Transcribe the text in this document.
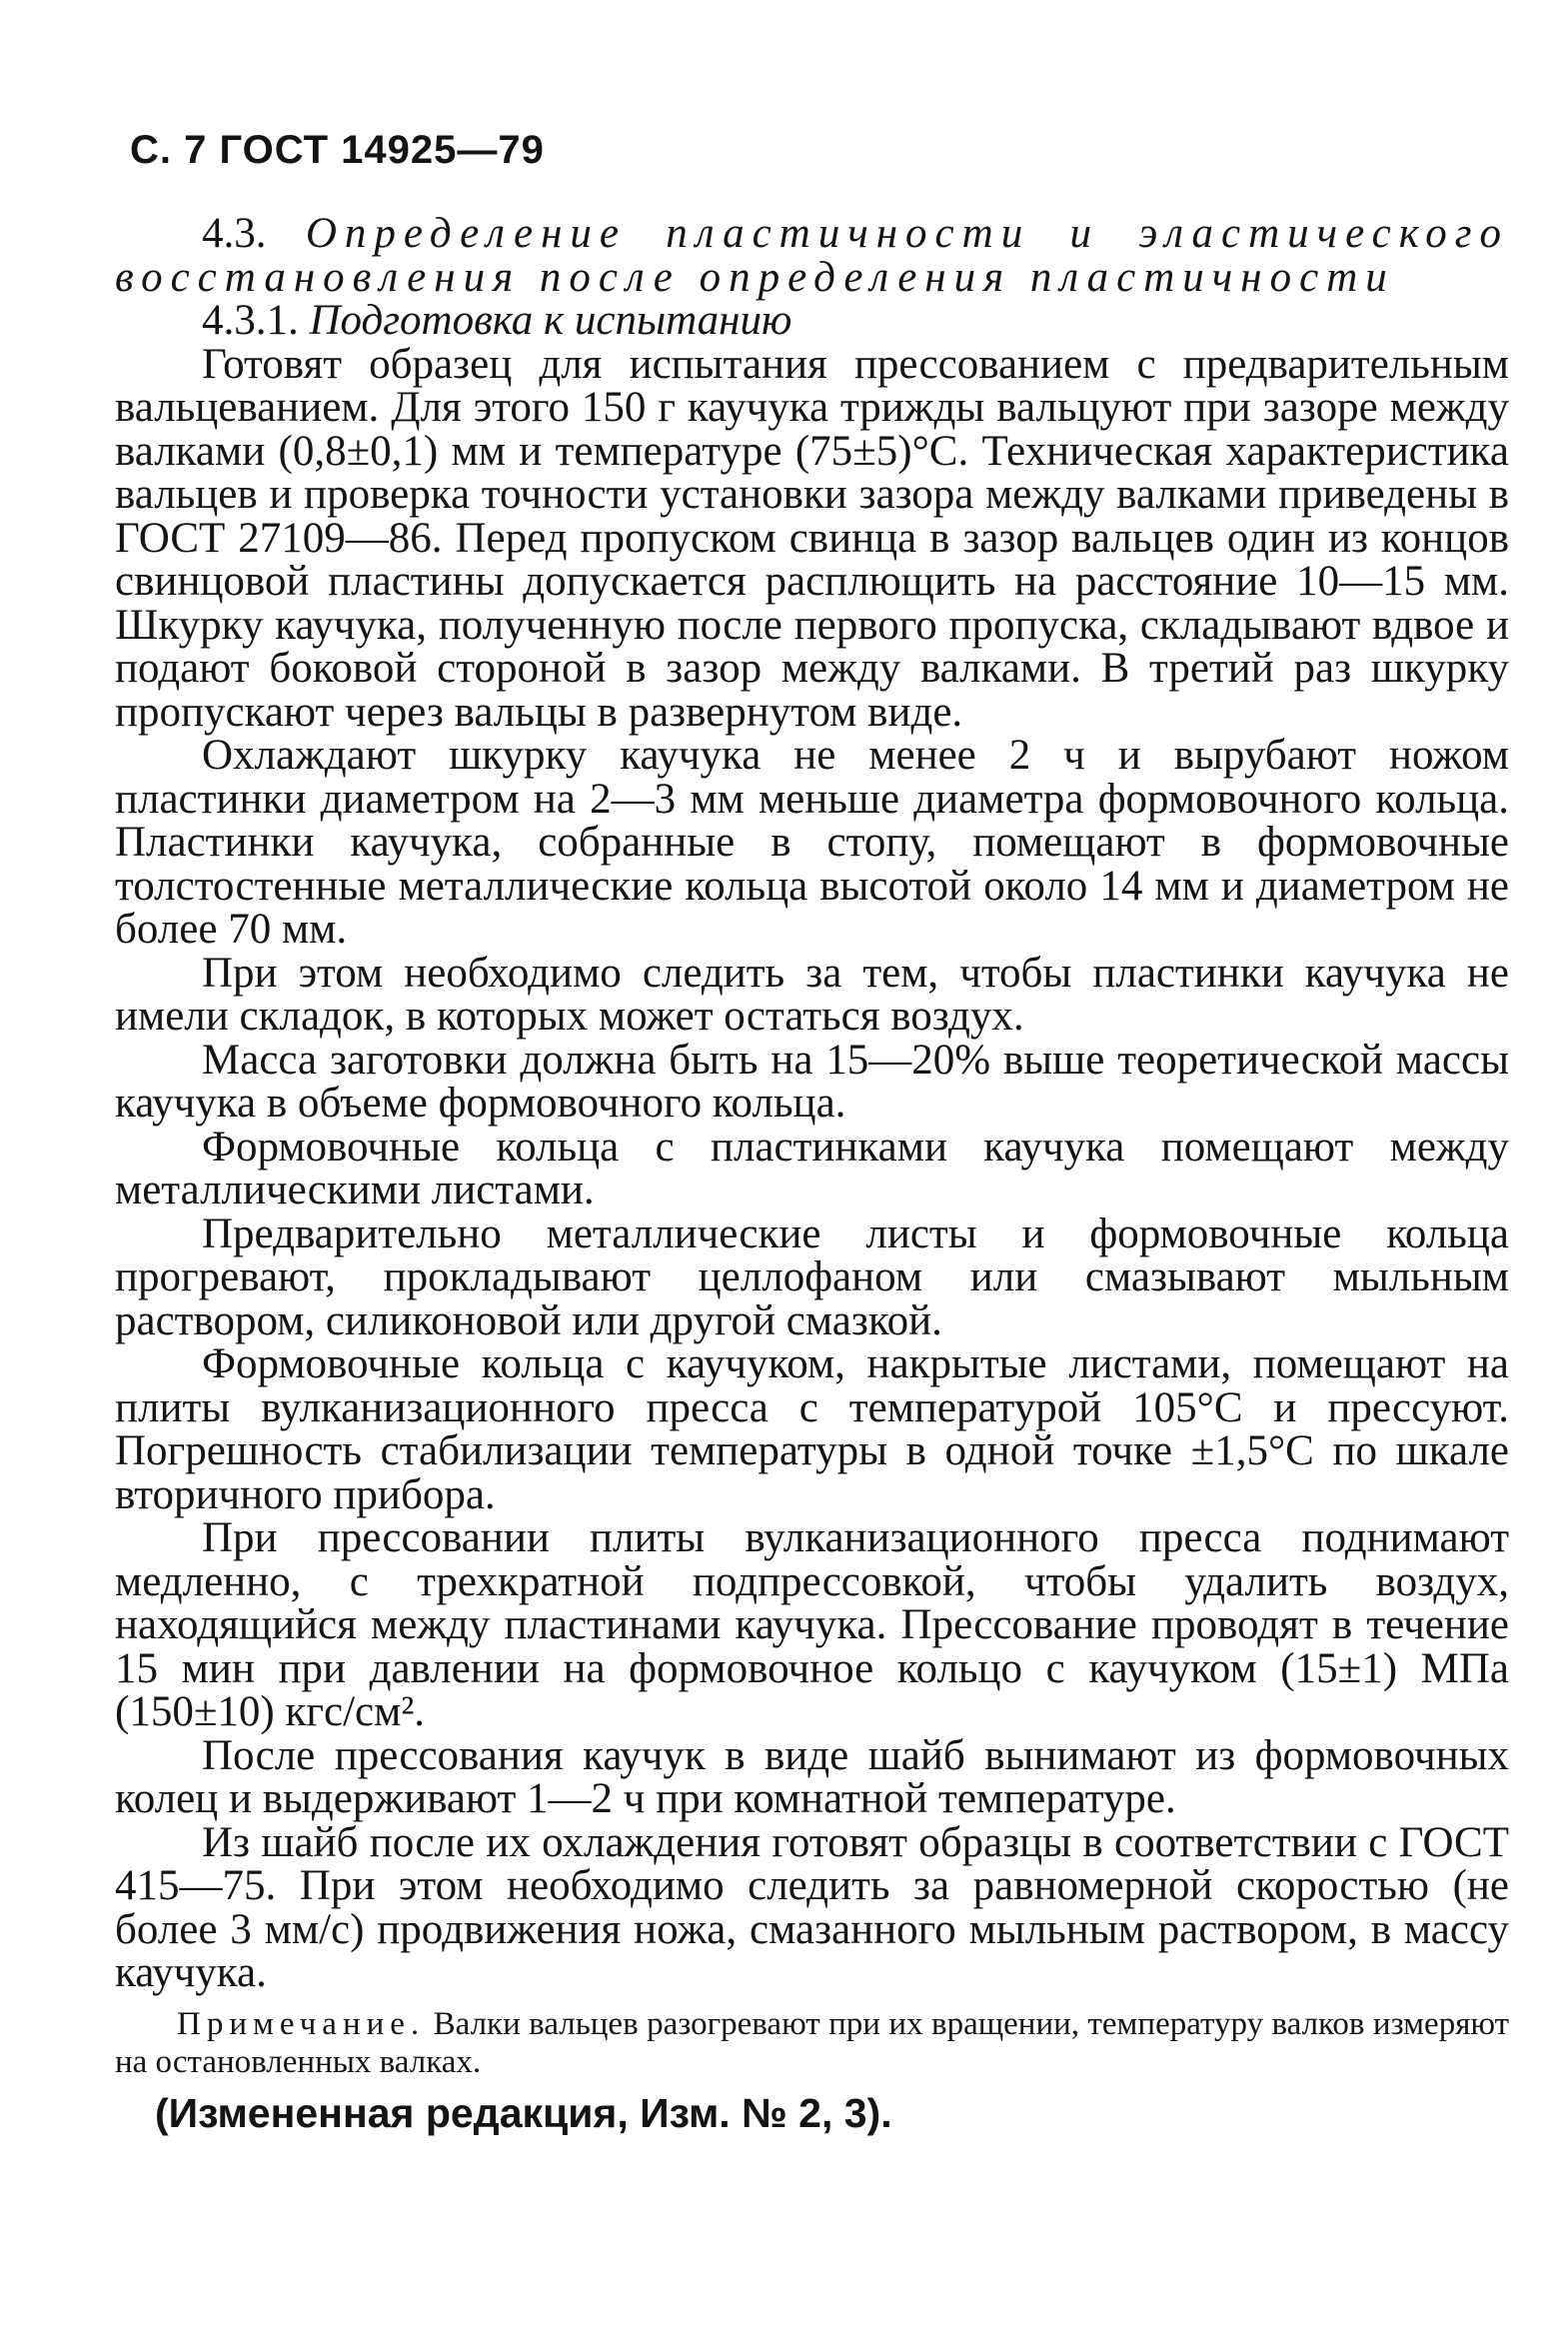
С. 7 ГОСТ 14925—79

4.3. Определение пластичности и эластического восстановления после определения пластичности

4.3.1. Подготовка к испытанию

Готовят образец для испытания прессованием с предварительным вальцеванием. Для этого 150 г каучука трижды вальцуют при зазоре между валками (0,8±0,1) мм и температуре (75±5)°С. Техническая характеристика вальцев и проверка точности установки зазора между валками приведены в ГОСТ 27109—86. Перед пропуском свинца в зазор вальцев один из концов свинцовой пластины допускается расплющить на расстояние 10—15 мм. Шкурку каучука, полученную после первого пропуска, складывают вдвое и подают боковой стороной в зазор между валками. В третий раз шкурку пропускают через вальцы в развернутом виде.

Охлаждают шкурку каучука не менее 2 ч и вырубают ножом пластинки диаметром на 2—3 мм меньше диаметра формовочного кольца. Пластинки каучука, собранные в стопу, помещают в формовочные толстостенные металлические кольца высотой около 14 мм и диаметром не более 70 мм.

При этом необходимо следить за тем, чтобы пластинки каучука не имели складок, в которых может остаться воздух.

Масса заготовки должна быть на 15—20% выше теоретической массы каучука в объеме формовочного кольца.

Формовочные кольца с пластинками каучука помещают между металлическими листами.

Предварительно металлические листы и формовочные кольца прогревают, прокладывают целлофаном или смазывают мыльным раствором, силиконовой или другой смазкой.

Формовочные кольца с каучуком, накрытые листами, помещают на плиты вулканизационного пресса с температурой 105°С и прессуют. Погрешность стабилизации температуры в одной точке ±1,5°С по шкале вторичного прибора.

При прессовании плиты вулканизационного пресса поднимают медленно, с трехкратной подпрессовкой, чтобы удалить воздух, находящийся между пластинами каучука. Прессование проводят в течение 15 мин при давлении на формовочное кольцо с каучуком (15±1) МПа (150±10) кгс/см².

После прессования каучук в виде шайб вынимают из формовочных колец и выдерживают 1—2 ч при комнатной температуре.

Из шайб после их охлаждения готовят образцы в соответствии с ГОСТ 415—75. При этом необходимо следить за равномерной скоростью (не более 3 мм/с) продвижения ножа, смазанного мыльным раствором, в массу каучука.

Примечание. Валки вальцев разогревают при их вращении, температуру валков измеряют на остановленных валках.

(Измененная редакция, Изм. № 2, 3).
